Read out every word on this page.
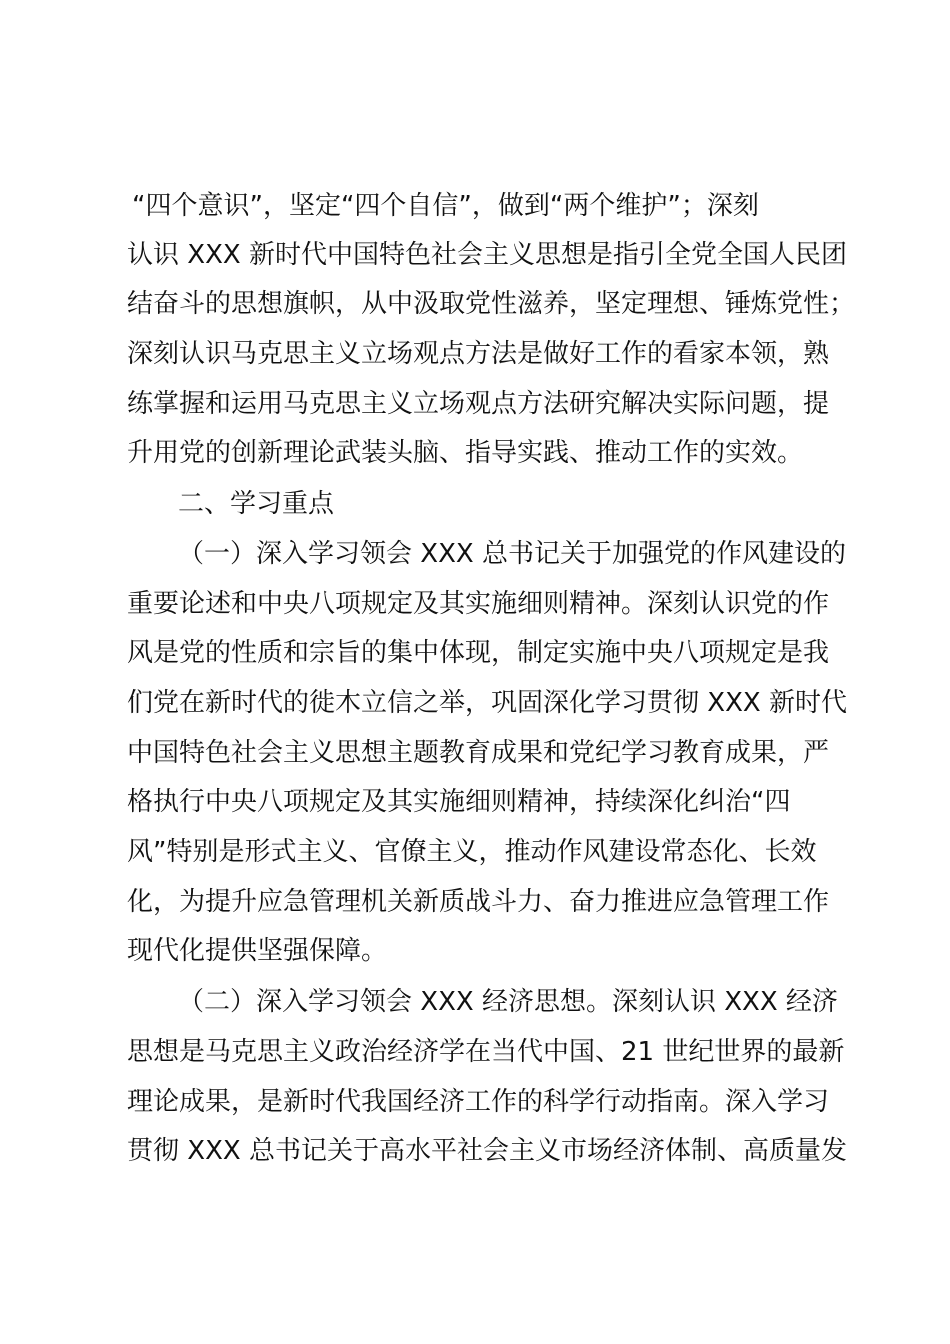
“四个意识”，坚定“四个自信”，做到“两个维护”；深刻
认识 XXX 新时代中国特色社会主义思想是指引全党全国人民团
结奋斗的思想旗帜，从中汲取党性滋养，坚定理想、锤炼党性；
深刻认识马克思主义立场观点方法是做好工作的看家本领，熟
练掌握和运用马克思主义立场观点方法研究解决实际问题，提
升用党的创新理论武装头脑、指导实践、推动工作的实效。
二、学习重点
（一）深入学习领会 XXX 总书记关于加强党的作风建设的
重要论述和中央八项规定及其实施细则精神。深刻认识党的作
风是党的性质和宗旨的集中体现，制定实施中央八项规定是我
们党在新时代的徙木立信之举，巩固深化学习贯彻 XXX 新时代
中国特色社会主义思想主题教育成果和党纪学习教育成果，严
格执行中央八项规定及其实施细则精神，持续深化纠治“四
风”特别是形式主义、官僚主义，推动作风建设常态化、长效
化，为提升应急管理机关新质战斗力、奋力推进应急管理工作
现代化提供坚强保障。
（二）深入学习领会 XXX 经济思想。深刻认识 XXX 经济
思想是马克思主义政治经济学在当代中国、21 世纪世界的最新
理论成果，是新时代我国经济工作的科学行动指南。深入学习
贯彻 XXX 总书记关于高水平社会主义市场经济体制、高质量发
